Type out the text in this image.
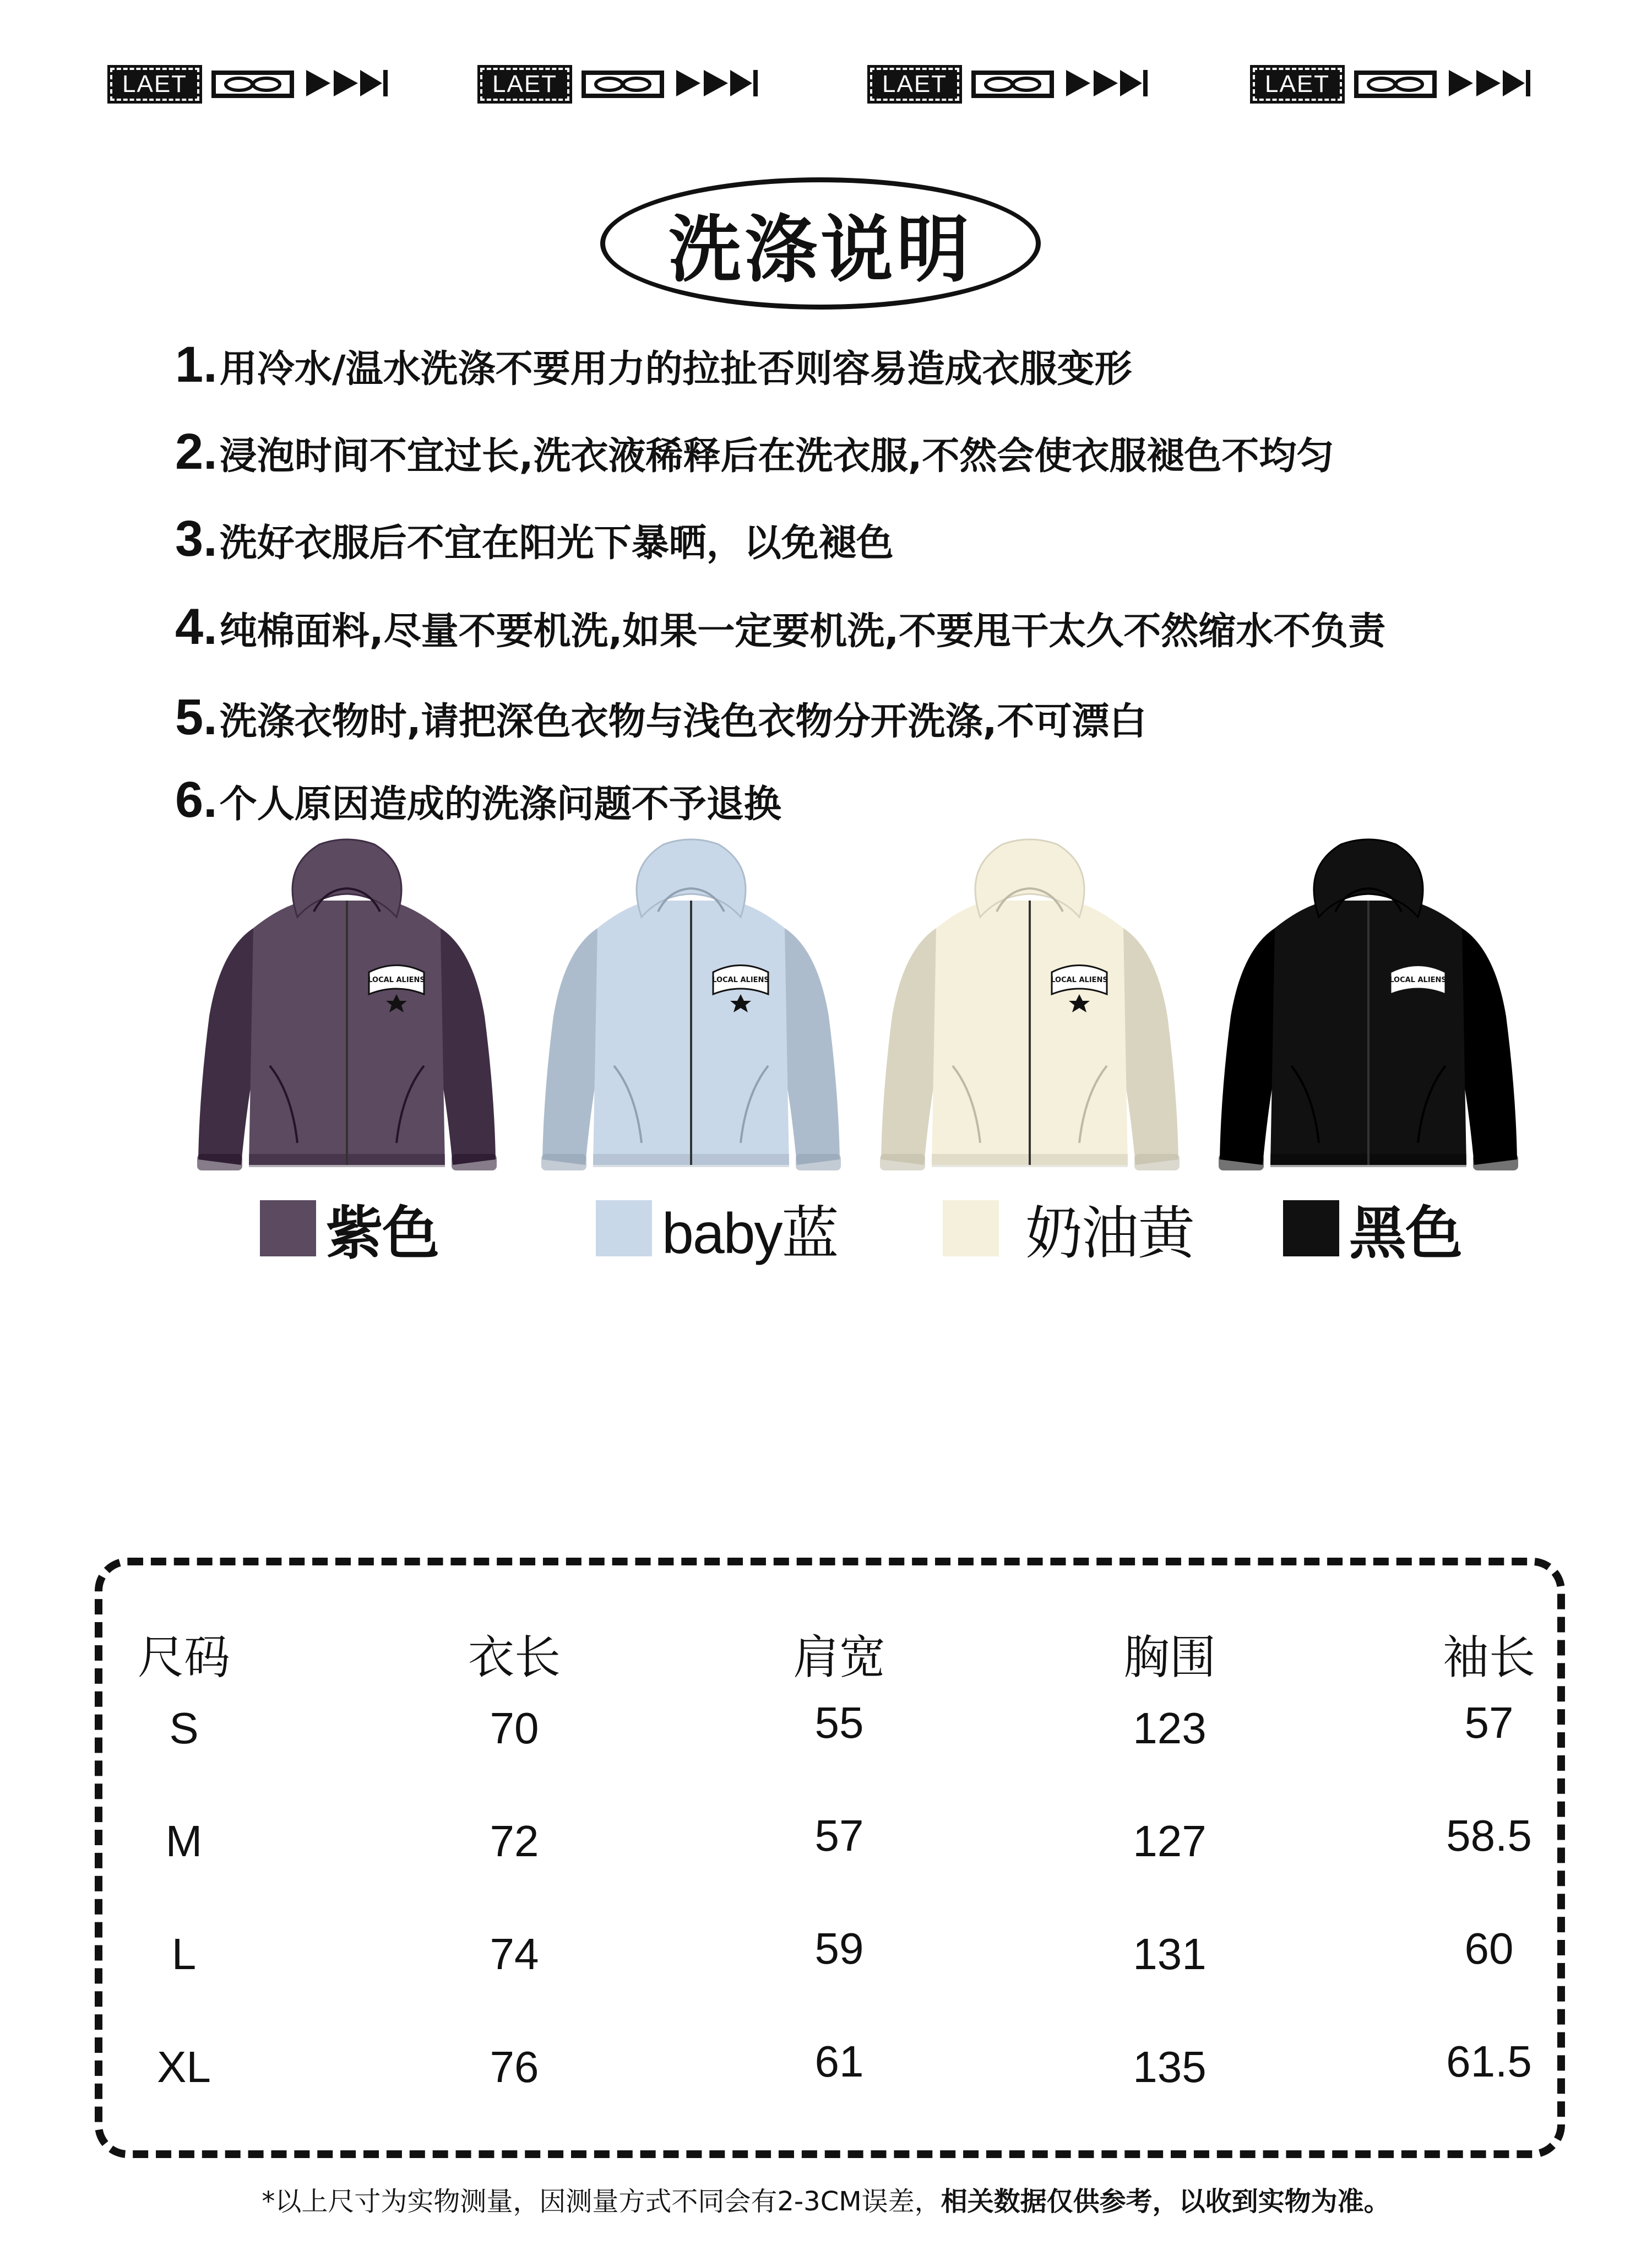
LAET	LAET	LAET	LAET
洗涤说明
1. 用冷水/温水洗涤不要用力的拉扯否则容易造成衣服变形
2. 浸泡时间不宜过长,洗衣液稀释后在洗衣服,不然会使衣服褪色不均匀
3. 洗好衣服后不宜在阳光下暴晒，以免褪色
4. 纯棉面料,尽量不要机洗,如果一定要机洗,不要甩干太久不然缩水不负责
5. 洗涤衣物时,请把深色衣物与浅色衣物分开洗涤,不可漂白
6. 个人原因造成的洗涤问题不予退换
LOCAL ALIENS	LOCAL ALIENS	LOCAL ALIENS	LOCAL ALIENS
紫色	baby蓝	奶油黄	黑色
尺码	衣长	肩宽	胸围	袖长
S	70	55	123	57
M	72	57	127	58.5
L	74	59	131	60
XL	76	61	135	61.5
*以上尺寸为实物测量，因测量方式不同会有2-3CM误差，相关数据仅供参考，以收到实物为准。
